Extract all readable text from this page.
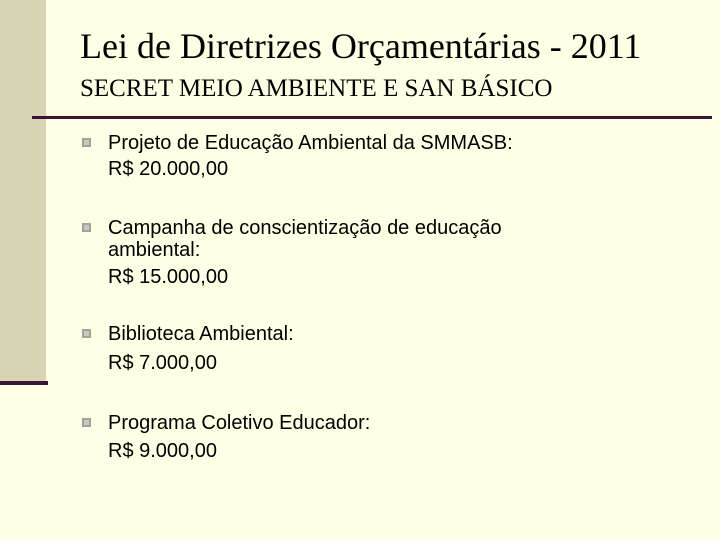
Lei de Diretrizes Orçamentárias - 2011
SECRET MEIO AMBIENTE E SAN BÁSICO
Projeto de Educação Ambiental da SMMASB:
R$ 20.000,00
Campanha de conscientização de educação
ambiental:
R$ 15.000,00
Biblioteca Ambiental:
R$ 7.000,00
Programa Coletivo Educador:
R$ 9.000,00
